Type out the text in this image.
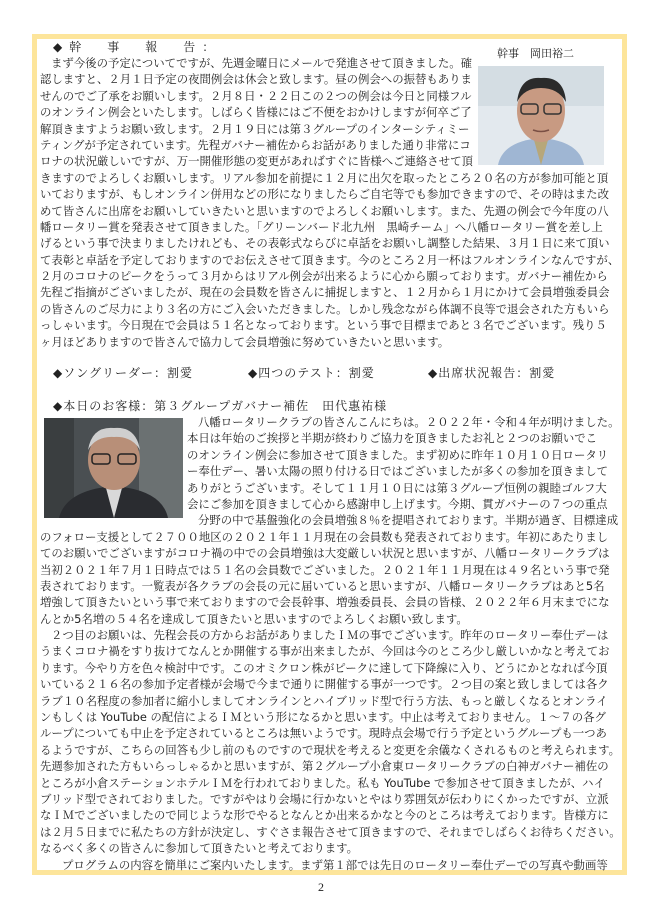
◆幹　事　報　告：	幹事　岡田裕二
まず今後の予定についてですが、先週金曜日にメールで発進させて頂きました。確
認しますと、２月１日予定の夜間例会は休会と致します。昼の例会への振替もありま
せんのでご了承をお願いします。２月８日・２２日この２つの例会は今日と同様フル
のオンライン例会といたします。しばらく皆様にはご不便をおかけしますが何卒ご了
解頂きますようお願い致します。２月１９日には第３グループのインターシティミー
ティングが予定されています。先程ガバナー補佐からお話がありました通り非常にコ
ロナの状況厳しいですが、万一開催形態の変更があればすぐに皆様へご連絡させて頂
きますのでよろしくお願いします。リアル参加を前提に１２月に出欠を取ったところ２０名の方が参加可能と頂
いておりますが、もしオンライン併用などの形になりましたらご自宅等でも参加できますので、その時はまた改
めて皆さんに出席をお願いしていきたいと思いますのでよろしくお願いします。また、先週の例会で今年度の八
幡ロータリー賞を発表させて頂きました。「グリーンバード北九州　黒崎チーム」へ八幡ロータリー賞を差し上
げるという事で決まりましたけれども、その表彰式ならびに卓話をお願いし調整した結果、３月１日に来て頂い
て表彰と卓話を予定しておりますのでお伝えさせて頂きます。今のところ２月一杯はフルオンラインなんですが、
２月のコロナのピークをうって３月からはリアル例会が出来るように心から願っております。ガバナー補佐から
先程ご指摘がございましたが、現在の会員数を皆さんに捕捉しますと、１２月から１月にかけて会員増強委員会
の皆さんのご尽力により３名の方にご入会いただきました。しかし残念ながら体調不良等で退会された方もいら
っしゃいます。今日現在で会員は５１名となっております。という事で目標まであと３名でございます。残り５
ヶ月ほどありますので皆さんで協力して会員増強に努めていきたいと思います。
◆ソングリーダー：割愛	◆四つのテスト：割愛	◆出席状況報告：割愛
◆本日のお客様：第３グループガバナー補佐　田代惠祐様
八幡ロータリークラブの皆さんこんにちは。２０２２年・令和４年が明けました。
本日は年始のご挨拶と半期が終わりご協力を頂きましたお礼と２つのお願いでこ
のオンライン例会に参加させて頂きました。まず初めに昨年１０月１０日ロータリ
ー奉仕デー、暑い太陽の照り付ける日ではございましたが多くの参加を頂きまして
ありがとうございます。そして１１月１０日には第３グループ恒例の親睦ゴルフ大
会にご参加を頂きまして心から感謝申し上げます。今期、貫ガバナーの７つの重点
分野の中で基盤強化の会員増強８％を提唱されております。半期が過ぎ、目標達成
のフォロー支援として２７００地区の２０２１年１１月現在の会員数も発表されております。年初にあたりまし
てのお願いでございますがコロナ禍の中での会員増強は大変厳しい状況と思いますが、八幡ロータリークラブは
当初２０２１年７月１日時点では５１名の会員数でございました。２０２１年１１月現在は４９名という事で発
表されております。一覧表が各クラブの会長の元に届いていると思いますが、八幡ロータリークラブはあと5名
増強して頂きたいという事で来ておりますので会長幹事、増強委員長、会員の皆様、２０２２年６月末までにな
んとか5名増の５４名を達成して頂きたいと思いますのでよろしくお願い致します。
２つ目のお願いは、先程会長の方からお話がありましたＩＭの事でございます。昨年のロータリー奉仕デーは
うまくコロナ禍をすり抜けてなんとか開催する事が出来ましたが、今回は今のところ少し厳しいかなと考えてお
ります。今やり方を色々検討中です。このオミクロン株がピークに達して下降線に入り、どうにかとなれば今頂
いている２１６名の参加予定者様が会場で今まで通りに開催する事が一つです。２つ目の案と致しましては各ク
ラブ１０名程度の参加者に縮小しましてオンラインとハイブリッド型で行う方法、もっと厳しくなるとオンライ
ンもしくは YouTube の配信によるＩＭという形になるかと思います。中止は考えておりません。１～７の各グ
ループについても中止を予定されているところは無いようです。現時点会場で行う予定というグループも一つあ
るようですが、こちらの回答も少し前のものですので現状を考えると変更を余儀なくされるものと考えられます。
先週参加された方もいらっしゃるかと思いますが、第２グループ小倉東ロータリークラブの白神ガバナー補佐の
ところが小倉ステーションホテルＩＭを行われておりました。私も YouTube で参加させて頂きましたが、ハイ
ブリッド型でされておりました。ですがやはり会場に行かないとやはり雰囲気が伝わりにくかったですが、立派
なＩＭでございましたので同じような形でやるとなんとか出来るかなと今のところは考えております。皆様方に
は２月５日までに私たちの方針が決定し、すぐさま報告させて頂きますので、それまでしばらくお待ちください。
なるべく多くの皆さんに参加して頂きたいと考えております。
プログラムの内容を簡単にご案内いたします。まず第１部では先日のロータリー奉仕デーでの写真や動画等
2
